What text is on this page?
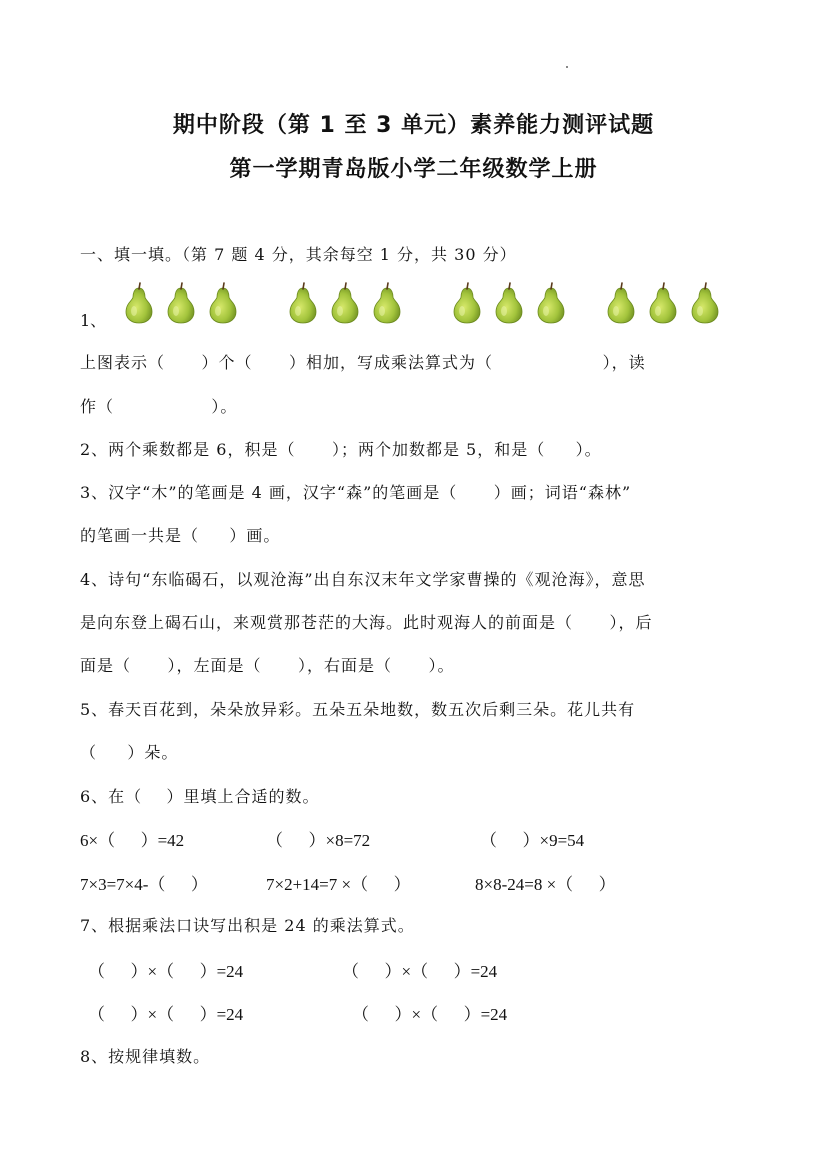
期中阶段（第 1 至 3 单元）素养能力测评试题
第一学期青岛版小学二年级数学上册
一、填一填。（第 7 题 4 分，其余每空 1 分，共 30 分）
1、
上图表示（      ）个（      ）相加，写成乘法算式为（                  ），读
作（                ）。
2、两个乘数都是 6，积是（      ）；两个加数都是 5，和是（     ）。
3、汉字“木”的笔画是 4 画，汉字“森”的笔画是（      ）画；词语“森林”
的笔画一共是（     ）画。
4、诗句“东临碣石，以观沧海”出自东汉末年文学家曹操的《观沧海》，意思
是向东登上碣石山，来观赏那苍茫的大海。此时观海人的前面是（      ），后
面是（      ），左面是（      ），右面是（      ）。
5、春天百花到，朵朵放异彩。五朵五朵地数，数五次后剩三朵。花儿共有
（     ）朵。
6、在（    ）里填上合适的数。
6×（      ）=42	（      ）×8=72	（      ）×9=54
7×3=7×4-（      ）	7×2+14=7 ×（      ）	8×8-24=8 ×（      ）
7、根据乘法口诀写出积是 24 的乘法算式。
（      ）×（      ）=24	（      ）×（      ）=24
（      ）×（      ）=24	（      ）×（      ）=24
8、按规律填数。
